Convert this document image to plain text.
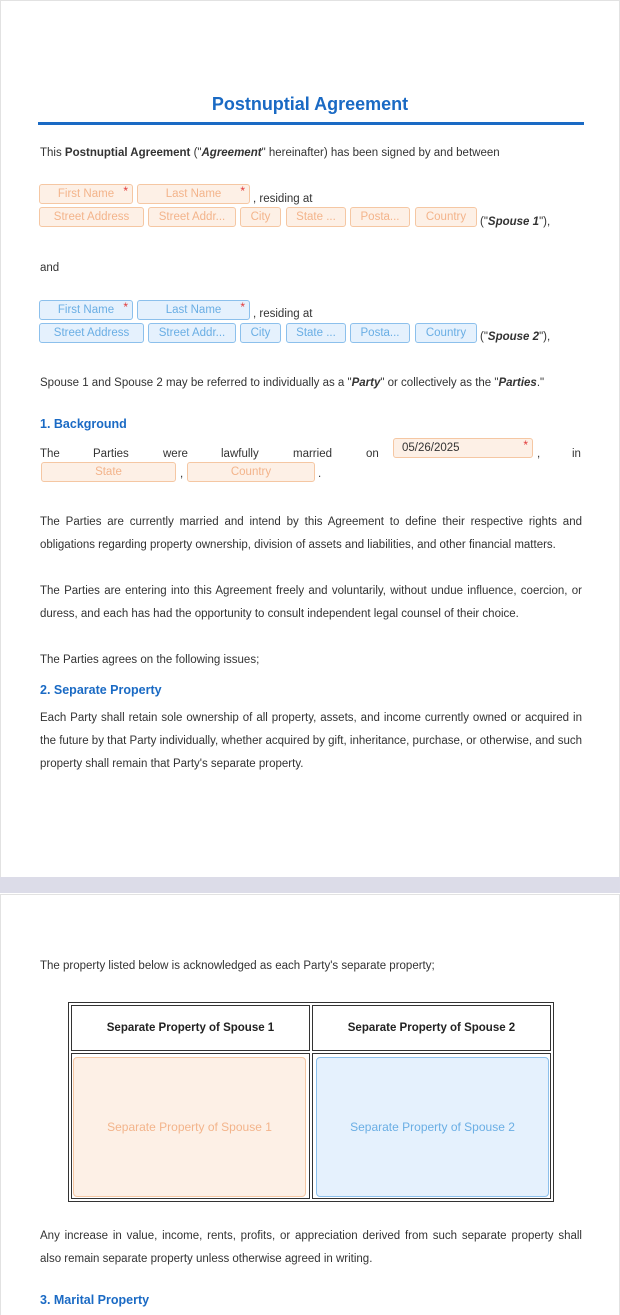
Postnuptial Agreement
This Postnuptial Agreement ("Agreement" hereinafter) has been signed by and between
First Name *	Last Name *
, residing at
Street Address	Street Addr...	City	State ...	Posta...	Country	("Spouse 1"),
and
First Name *	Last Name * , residing at
Street Address	Street Addr...	City	State ...	Posta...	Country	("Spouse 2"),
Spouse 1 and Spouse 2 may be referred to individually as a "Party" or collectively as the "Parties."
1. Background
The	Parties	were	lawfully	married	on	05/26/2025	*
,	in
State	,	Country	.
The Parties are currently married and intend by this Agreement to define their respective rights and obligations regarding property ownership, division of assets and liabilities, and other financial matters.
The Parties are entering into this Agreement freely and voluntarily, without undue influence, coercion, or duress, and each has had the opportunity to consult independent legal counsel of their choice.
The Parties agrees on the following issues;
2. Separate Property
Each Party shall retain sole ownership of all property, assets, and income currently owned or acquired in the future by that Party individually, whether acquired by gift, inheritance, purchase, or otherwise, and such property shall remain that Party's separate property.
The property listed below is acknowledged as each Party's separate property;
Separate Property of Spouse 1	Separate Property of Spouse 2
Separate Property of Spouse 1	Separate Property of Spouse 2
Any increase in value, income, rents, profits, or appreciation derived from such separate property shall also remain separate property unless otherwise agreed in writing.
3. Marital Property
